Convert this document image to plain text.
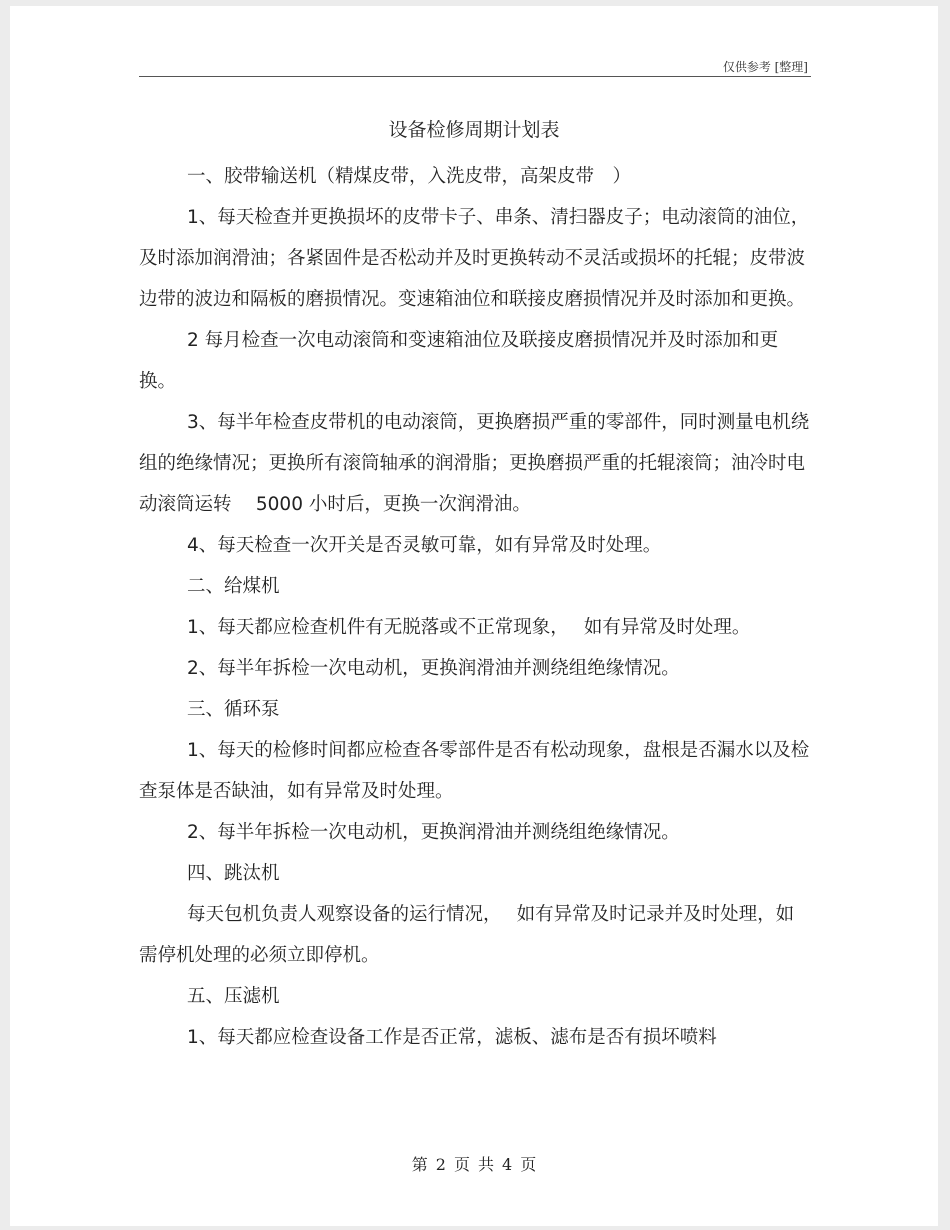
仅供参考 [整理]
设备检修周期计划表

一、胶带输送机（精煤皮带，入洗皮带，高架皮带　）

1、每天检查并更换损坏的皮带卡子、串条、清扫器皮子；电动滚筒的油位，及时添加润滑油；各紧固件是否松动并及时更换转动不灵活或损坏的托辊；皮带波边带的波边和隔板的磨损情况。变速箱油位和联接皮磨损情况并及时添加和更换。

2 每月检查一次电动滚筒和变速箱油位及联接皮磨损情况并及时添加和更换。

3、每半年检查皮带机的电动滚筒，更换磨损严重的零部件，同时测量电机绕组的绝缘情况；更换所有滚筒轴承的润滑脂；更换磨损严重的托辊滚筒；油冷时电动滚筒运转　 5000 小时后，更换一次润滑油。

4、每天检查一次开关是否灵敏可靠，如有异常及时处理。

二、给煤机

1、每天都应检查机件有无脱落或不正常现象，　 如有异常及时处理。

2、每半年拆检一次电动机，更换润滑油并测绕组绝缘情况。

三、循环泵

1、每天的检修时间都应检查各零部件是否有松动现象，盘根是否漏水以及检查泵体是否缺油，如有异常及时处理。

2、每半年拆检一次电动机，更换润滑油并测绕组绝缘情况。

四、跳汰机

每天包机负责人观察设备的运行情况，　 如有异常及时记录并及时处理，如需停机处理的必须立即停机。

五、压滤机

1、每天都应检查设备工作是否正常，滤板、滤布是否有损坏喷料

第 2 页 共 4 页
